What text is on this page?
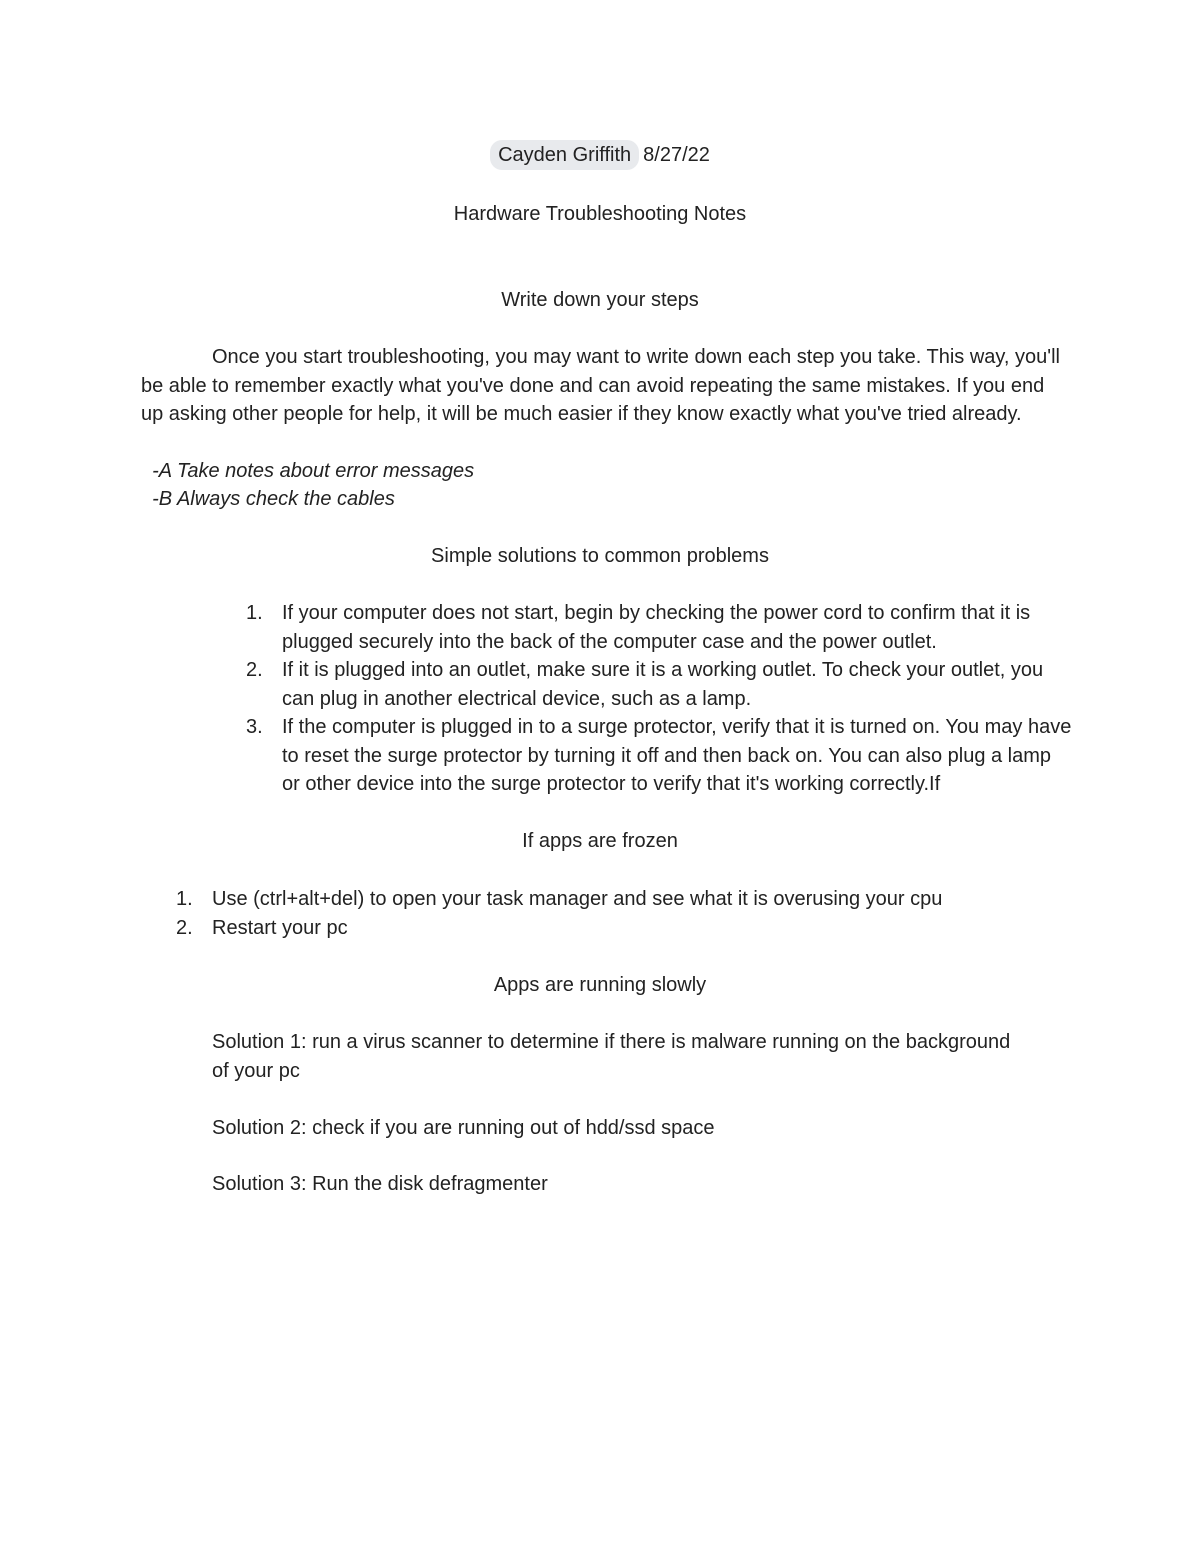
Cayden Griffith 8/27/22
Hardware Troubleshooting Notes
Write down your steps
Once you start troubleshooting, you may want to write down each step you take. This way, you'll be able to remember exactly what you've done and can avoid repeating the same mistakes. If you end up asking other people for help, it will be much easier if they know exactly what you've tried already.
-A Take notes about error messages
-B Always check the cables
Simple solutions to common problems
1. If your computer does not start, begin by checking the power cord to confirm that it is plugged securely into the back of the computer case and the power outlet.
2. If it is plugged into an outlet, make sure it is a working outlet. To check your outlet, you can plug in another electrical device, such as a lamp.
3. If the computer is plugged in to a surge protector, verify that it is turned on. You may have to reset the surge protector by turning it off and then back on. You can also plug a lamp or other device into the surge protector to verify that it's working correctly.If
If apps are frozen
1. Use (ctrl+alt+del) to open your task manager and see what it is overusing your cpu
2. Restart your pc
Apps are running slowly
Solution 1: run a virus scanner to determine if there is malware running on the background of your pc
Solution 2: check if you are running out of hdd/ssd space
Solution 3: Run the disk defragmenter
